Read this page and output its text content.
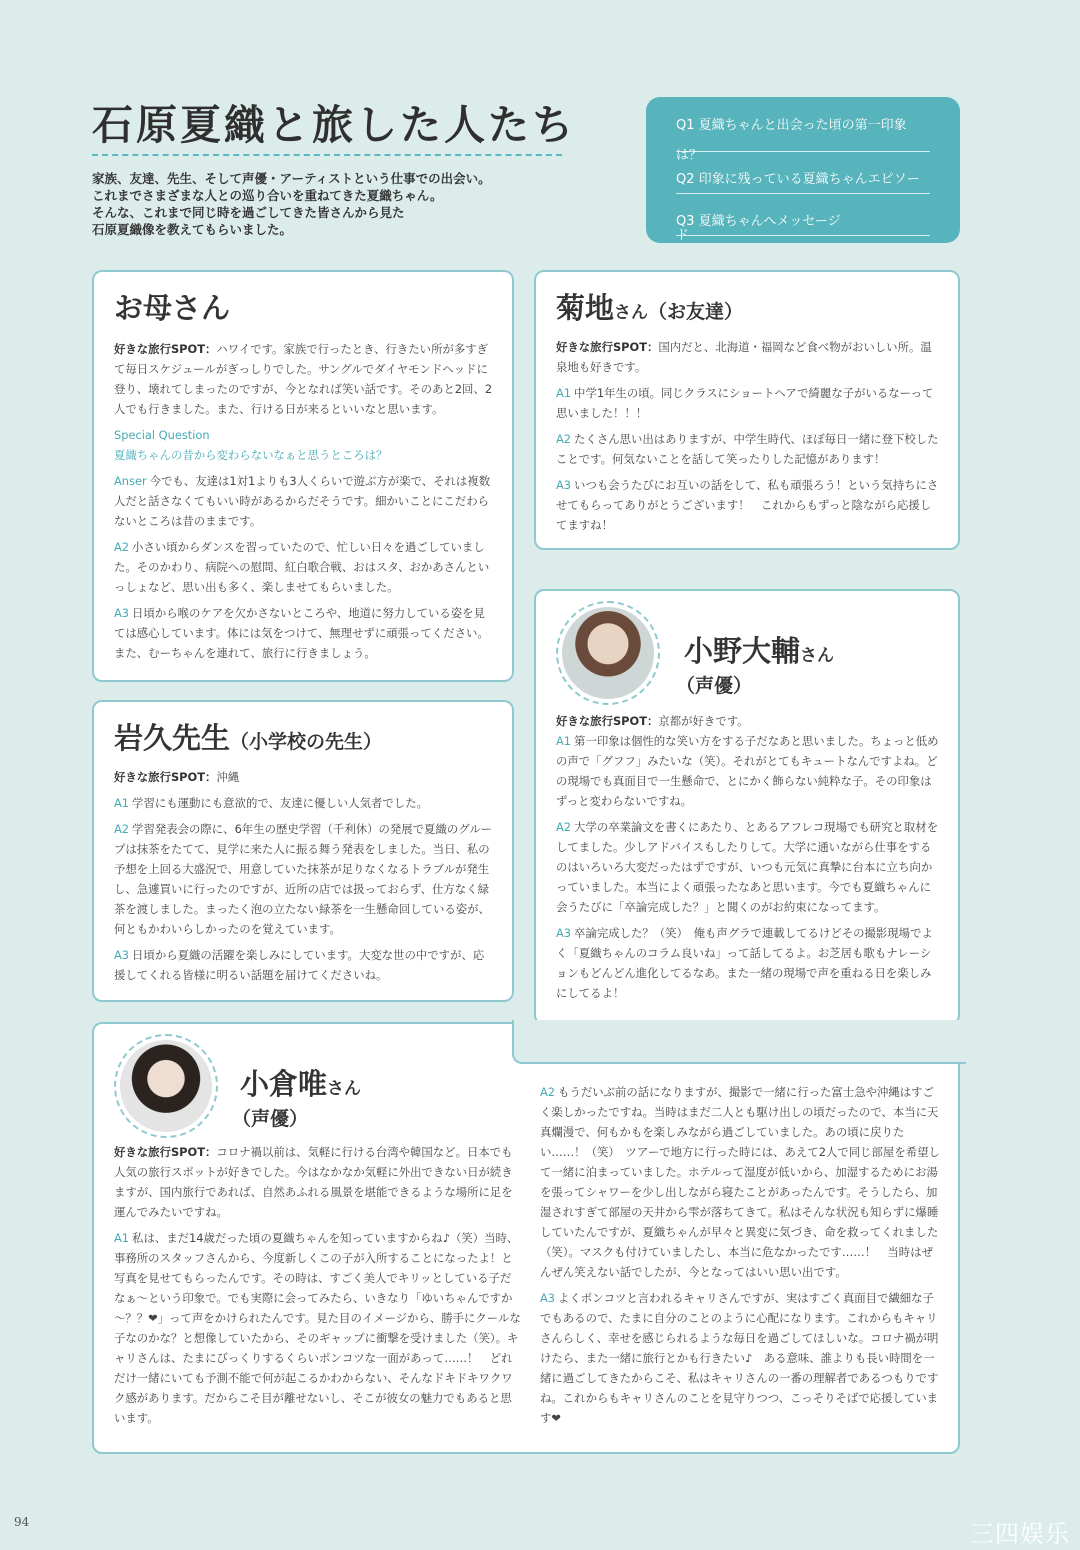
石原夏織と旅した人たち
家族、友達、先生、そして声優・アーティストという仕事での出会い。
これまでさまざまな人との巡り合いを重ねてきた夏織ちゃん。
そんな、これまで同じ時を過ごしてきた皆さんから見た
石原夏織像を教えてもらいました。
Q1 夏織ちゃんと出会った頃の第一印象は？
Q2 印象に残っている夏織ちゃんエピソード
Q3 夏織ちゃんへメッセージ
お母さん

好きな旅行SPOT：ハワイです。家族で行ったとき、行きたい所が多すぎて毎日スケジュールがぎっしりでした。サングルでダイヤモンドヘッドに登り、壊れてしまったのですが、今となれば笑い話です。そのあと2回、2人でも行きました。また、行ける日が来るといいなと思います。

Special Question

夏織ちゃんの昔から変わらないなぁと思うところは？

Anser 今でも、友達は1対1よりも3人くらいで遊ぶ方が楽で、それは複数人だと話さなくてもいい時があるからだそうです。細かいことにこだわらないところは昔のままです。

A2 小さい頃からダンスを習っていたので、忙しい日々を過ごしていました。そのかわり、病院への慰問、紅白歌合戦、おはスタ、おかあさんといっしょなど、思い出も多く、楽しませてもらいました。

A3 日頃から喉のケアを欠かさないところや、地道に努力している姿を見ては感心しています。体には気をつけて、無理せずに頑張ってください。また、むーちゃんを連れて、旅行に行きましょう。

菊地さん（お友達）

好きな旅行SPOT：国内だと、北海道・福岡など食べ物がおいしい所。温泉地も好きです。

A1 中学1年生の頃。同じクラスにショートヘアで綺麗な子がいるなーって思いました！！！

A2 たくさん思い出はありますが、中学生時代、ほぼ毎日一緒に登下校したことです。何気ないことを話して笑ったりした記憶があります！

A3 いつも会うたびにお互いの話をして、私も頑張ろう！という気持ちにさせてもらってありがとうございます！　これからもずっと陰ながら応援してますね！

小野大輔さん
（声優）

好きな旅行SPOT：京都が好きです。

A1 第一印象は個性的な笑い方をする子だなあと思いました。ちょっと低めの声で「グフフ」みたいな（笑）。それがとてもキュートなんですよね。どの現場でも真面目で一生懸命で、とにかく飾らない純粋な子。その印象はずっと変わらないですね。

A2 大学の卒業論文を書くにあたり、とあるアフレコ現場でも研究と取材をしてました。少しアドバイスもしたりして。大学に通いながら仕事をするのはいろいろ大変だったはずですが、いつも元気に真摯に台本に立ち向かっていました。本当によく頑張ったなあと思います。今でも夏織ちゃんに会うたびに「卒論完成した？」と聞くのがお約束になってます。

A3 卒論完成した？（笑）　俺も声グラで連載してるけどその撮影現場でよく「夏織ちゃんのコラム良いね」って話してるよ。お芝居も歌もナレーションもどんどん進化してるなあ。また一緒の現場で声を重ねる日を楽しみにしてるよ！

岩久先生（小学校の先生）

好きな旅行SPOT：沖縄

A1 学習にも運動にも意欲的で、友達に優しい人気者でした。

A2 学習発表会の際に、6年生の歴史学習（千利休）の発展で夏織のグループは抹茶をたてて、見学に来た人に振る舞う発表をしました。当日、私の予想を上回る大盛況で、用意していた抹茶が足りなくなるトラブルが発生し、急遽買いに行ったのですが、近所の店では扱っておらず、仕方なく緑茶を渡しました。まったく泡の立たない緑茶を一生懸命回している姿が、何ともかわいらしかったのを覚えています。

A3 日頃から夏織の活躍を楽しみにしています。大変な世の中ですが、応援してくれる皆様に明るい話題を届けてくださいね。

小倉唯さん
（声優）

好きな旅行SPOT：コロナ禍以前は、気軽に行ける台湾や韓国など。日本でも人気の旅行スポットが好きでした。今はなかなか気軽に外出できない日が続きますが、国内旅行であれば、自然あふれる風景を堪能できるような場所に足を運んでみたいですね。

A1 私は、まだ14歳だった頃の夏織ちゃんを知っていますからね♪（笑）当時、事務所のスタッフさんから、今度新しくこの子が入所することになったよ！と写真を見せてもらったんです。その時は、すごく美人でキリッとしている子だなぁ～という印象で。でも実際に会ってみたら、いきなり「ゆいちゃんですか～？？❤」って声をかけられたんです。見た目のイメージから、勝手にクールな子なのかな？と想像していたから、そのギャップに衝撃を受けました（笑）。キャリさんは、たまにびっくりするくらいポンコツな一面があって……！　どれだけ一緒にいても予測不能で何が起こるかわからない、そんなドキドキワクワク感があります。だからこそ目が離せないし、そこが彼女の魅力でもあると思います。

A2 もうだいぶ前の話になりますが、撮影で一緒に行った富士急や沖縄はすごく楽しかったですね。当時はまだ二人とも駆け出しの頃だったので、本当に天真爛漫で、何もかもを楽しみながら過ごしていました。あの頃に戻りたい……！（笑）　ツアーで地方に行った時には、あえて2人で同じ部屋を希望して一緒に泊まっていました。ホテルって湿度が低いから、加湿するためにお湯を張ってシャワーを少し出しながら寝たことがあったんです。そうしたら、加湿されすぎて部屋の天井から雫が落ちてきて。私はそんな状況も知らずに爆睡していたんですが、夏織ちゃんが早々と異変に気づき、命を救ってくれました（笑）。マスクも付けていましたし、本当に危なかったです……！　当時はぜんぜん笑えない話でしたが、今となってはいい思い出です。

A3 よくポンコツと言われるキャリさんですが、実はすごく真面目で繊細な子でもあるので、たまに自分のことのように心配になります。これからもキャリさんらしく、幸せを感じられるような毎日を過ごしてほしいな。コロナ禍が明けたら、また一緒に旅行とかも行きたい♪　ある意味、誰よりも長い時間を一緒に過ごしてきたからこそ、私はキャリさんの一番の理解者であるつもりですね。これからもキャリさんのことを見守りつつ、こっそりそばで応援しています❤

94	三四娱乐
